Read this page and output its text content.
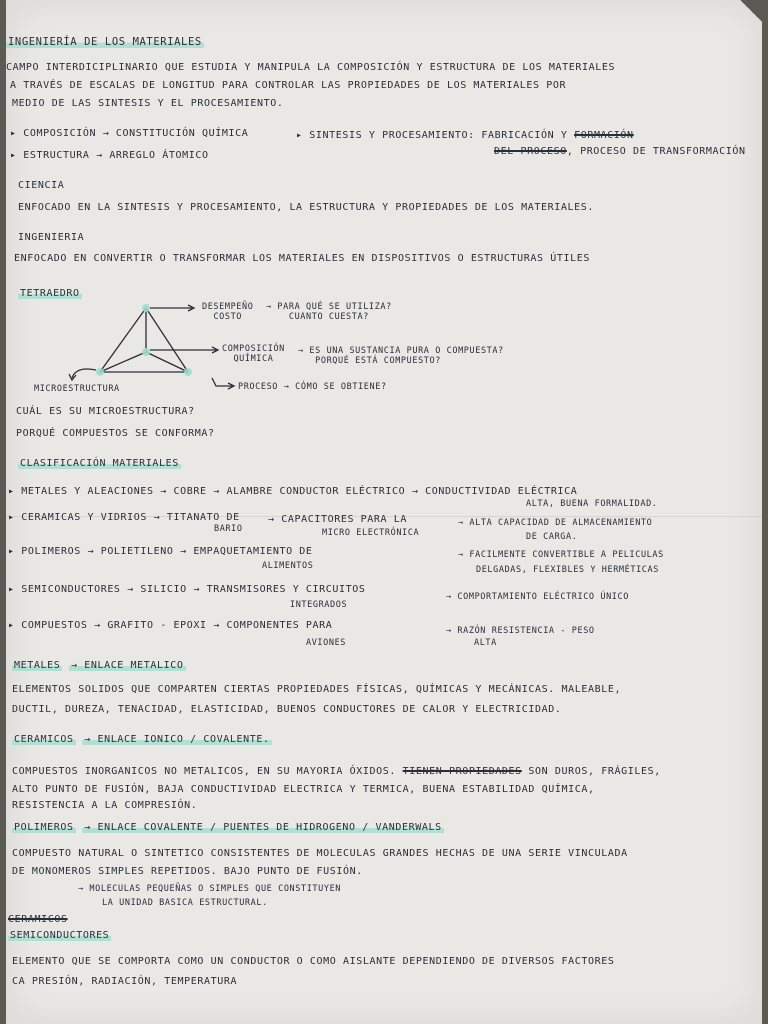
INGENIERÍA DE LOS MATERIALES
CAMPO INTERDICIPLINARIO QUE ESTUDIA Y MANIPULA LA COMPOSICIÓN Y ESTRUCTURA DE LOS MATERIALES
A TRAVÉS DE ESCALAS DE LONGITUD PARA CONTROLAR LAS PROPIEDADES DE LOS MATERIALES POR
MEDIO DE LAS SINTESIS Y EL PROCESAMIENTO.
▸ COMPOSICIÓN → CONSTITUCIÓN QUÍMICA
▸ ESTRUCTURA → ARREGLO ÁTOMICO
▸ SINTESIS Y PROCESAMIENTO: FABRICACIÓN Y FORMACIÓN
DEL PROCESO, PROCESO DE TRANSFORMACIÓN
CIENCIA
ENFOCADO EN LA SINTESIS Y PROCESAMIENTO, LA ESTRUCTURA Y PROPIEDADES DE LOS MATERIALES.
INGENIERIA
ENFOCADO EN CONVERTIR O TRANSFORMAR LOS MATERIALES EN DISPOSITIVOS O ESTRUCTURAS ÚTILES
TETRAEDRO
DESEMPEÑO
COSTO
→ PARA QUÉ SE UTILIZA?
CUANTO CUESTA?
COMPOSICIÓN
QUÍMICA
→ ES UNA SUSTANCIA PURA O COMPUESTA?
PORQUÉ ESTÁ COMPUESTO?
MICROESTRUCTURA	PROCESO → CÓMO SE OBTIENE?
CUÁL ES SU MICROESTRUCTURA?
PORQUÉ COMPUESTOS SE CONFORMA?
CLASIFICACIÓN MATERIALES
▸ METALES Y ALEACIONES → COBRE → ALAMBRE CONDUCTOR ELÉCTRICO → CONDUCTIVIDAD ELÉCTRICA
ALTA, BUENA FORMALIDAD.
▸ CERAMICAS Y VIDRIOS → TITANATO DE
BARIO
→ CAPACITORES PARA LA
MICRO ELECTRÓNICA
→ ALTA CAPACIDAD DE ALMACENAMIENTO
DE CARGA.
▸ POLIMEROS → POLIETILENO → EMPAQUETAMIENTO DE
ALIMENTOS
→ FACILMENTE CONVERTIBLE A PELICULAS
DELGADAS, FLEXIBLES Y HERMÉTICAS
▸ SEMICONDUCTORES → SILICIO → TRANSMISORES Y CIRCUITOS
INTEGRADOS
→ COMPORTAMIENTO ELÉCTRICO ÚNICO
▸ COMPUESTOS → GRAFITO - EPOXI → COMPONENTES PARA
AVIONES
→ RAZÓN RESISTENCIA - PESO
ALTA
METALES → ENLACE METALICO
ELEMENTOS SOLIDOS QUE COMPARTEN CIERTAS PROPIEDADES FÍSICAS, QUÍMICAS Y MECÁNICAS. MALEABLE,
DUCTIL, DUREZA, TENACIDAD, ELASTICIDAD, BUENOS CONDUCTORES DE CALOR Y ELECTRICIDAD.
CERAMICOS → ENLACE IONICO / COVALENTE.
COMPUESTOS INORGANICOS NO METALICOS, EN SU MAYORIA ÓXIDOS. TIENEN PROPIEDADES SON DUROS, FRÁGILES,
ALTO PUNTO DE FUSIÓN, BAJA CONDUCTIVIDAD ELECTRICA Y TERMICA, BUENA ESTABILIDAD QUÍMICA,
RESISTENCIA A LA COMPRESIÓN.
POLIMEROS → ENLACE COVALENTE / PUENTES DE HIDROGENO / VANDERWALS
COMPUESTO NATURAL O SINTETICO CONSISTENTES DE MOLECULAS GRANDES HECHAS DE UNA SERIE VINCULADA
DE MONOMEROS SIMPLES REPETIDOS. BAJO PUNTO DE FUSIÓN.
→ MOLECULAS PEQUEÑAS O SIMPLES QUE CONSTITUYEN
LA UNIDAD BASICA ESTRUCTURAL.
CERAMICOS
SEMICONDUCTORES
ELEMENTO QUE SE COMPORTA COMO UN CONDUCTOR O COMO AISLANTE DEPENDIENDO DE DIVERSOS FACTORES
CA PRESIÓN, RADIACIÓN, TEMPERATURA
